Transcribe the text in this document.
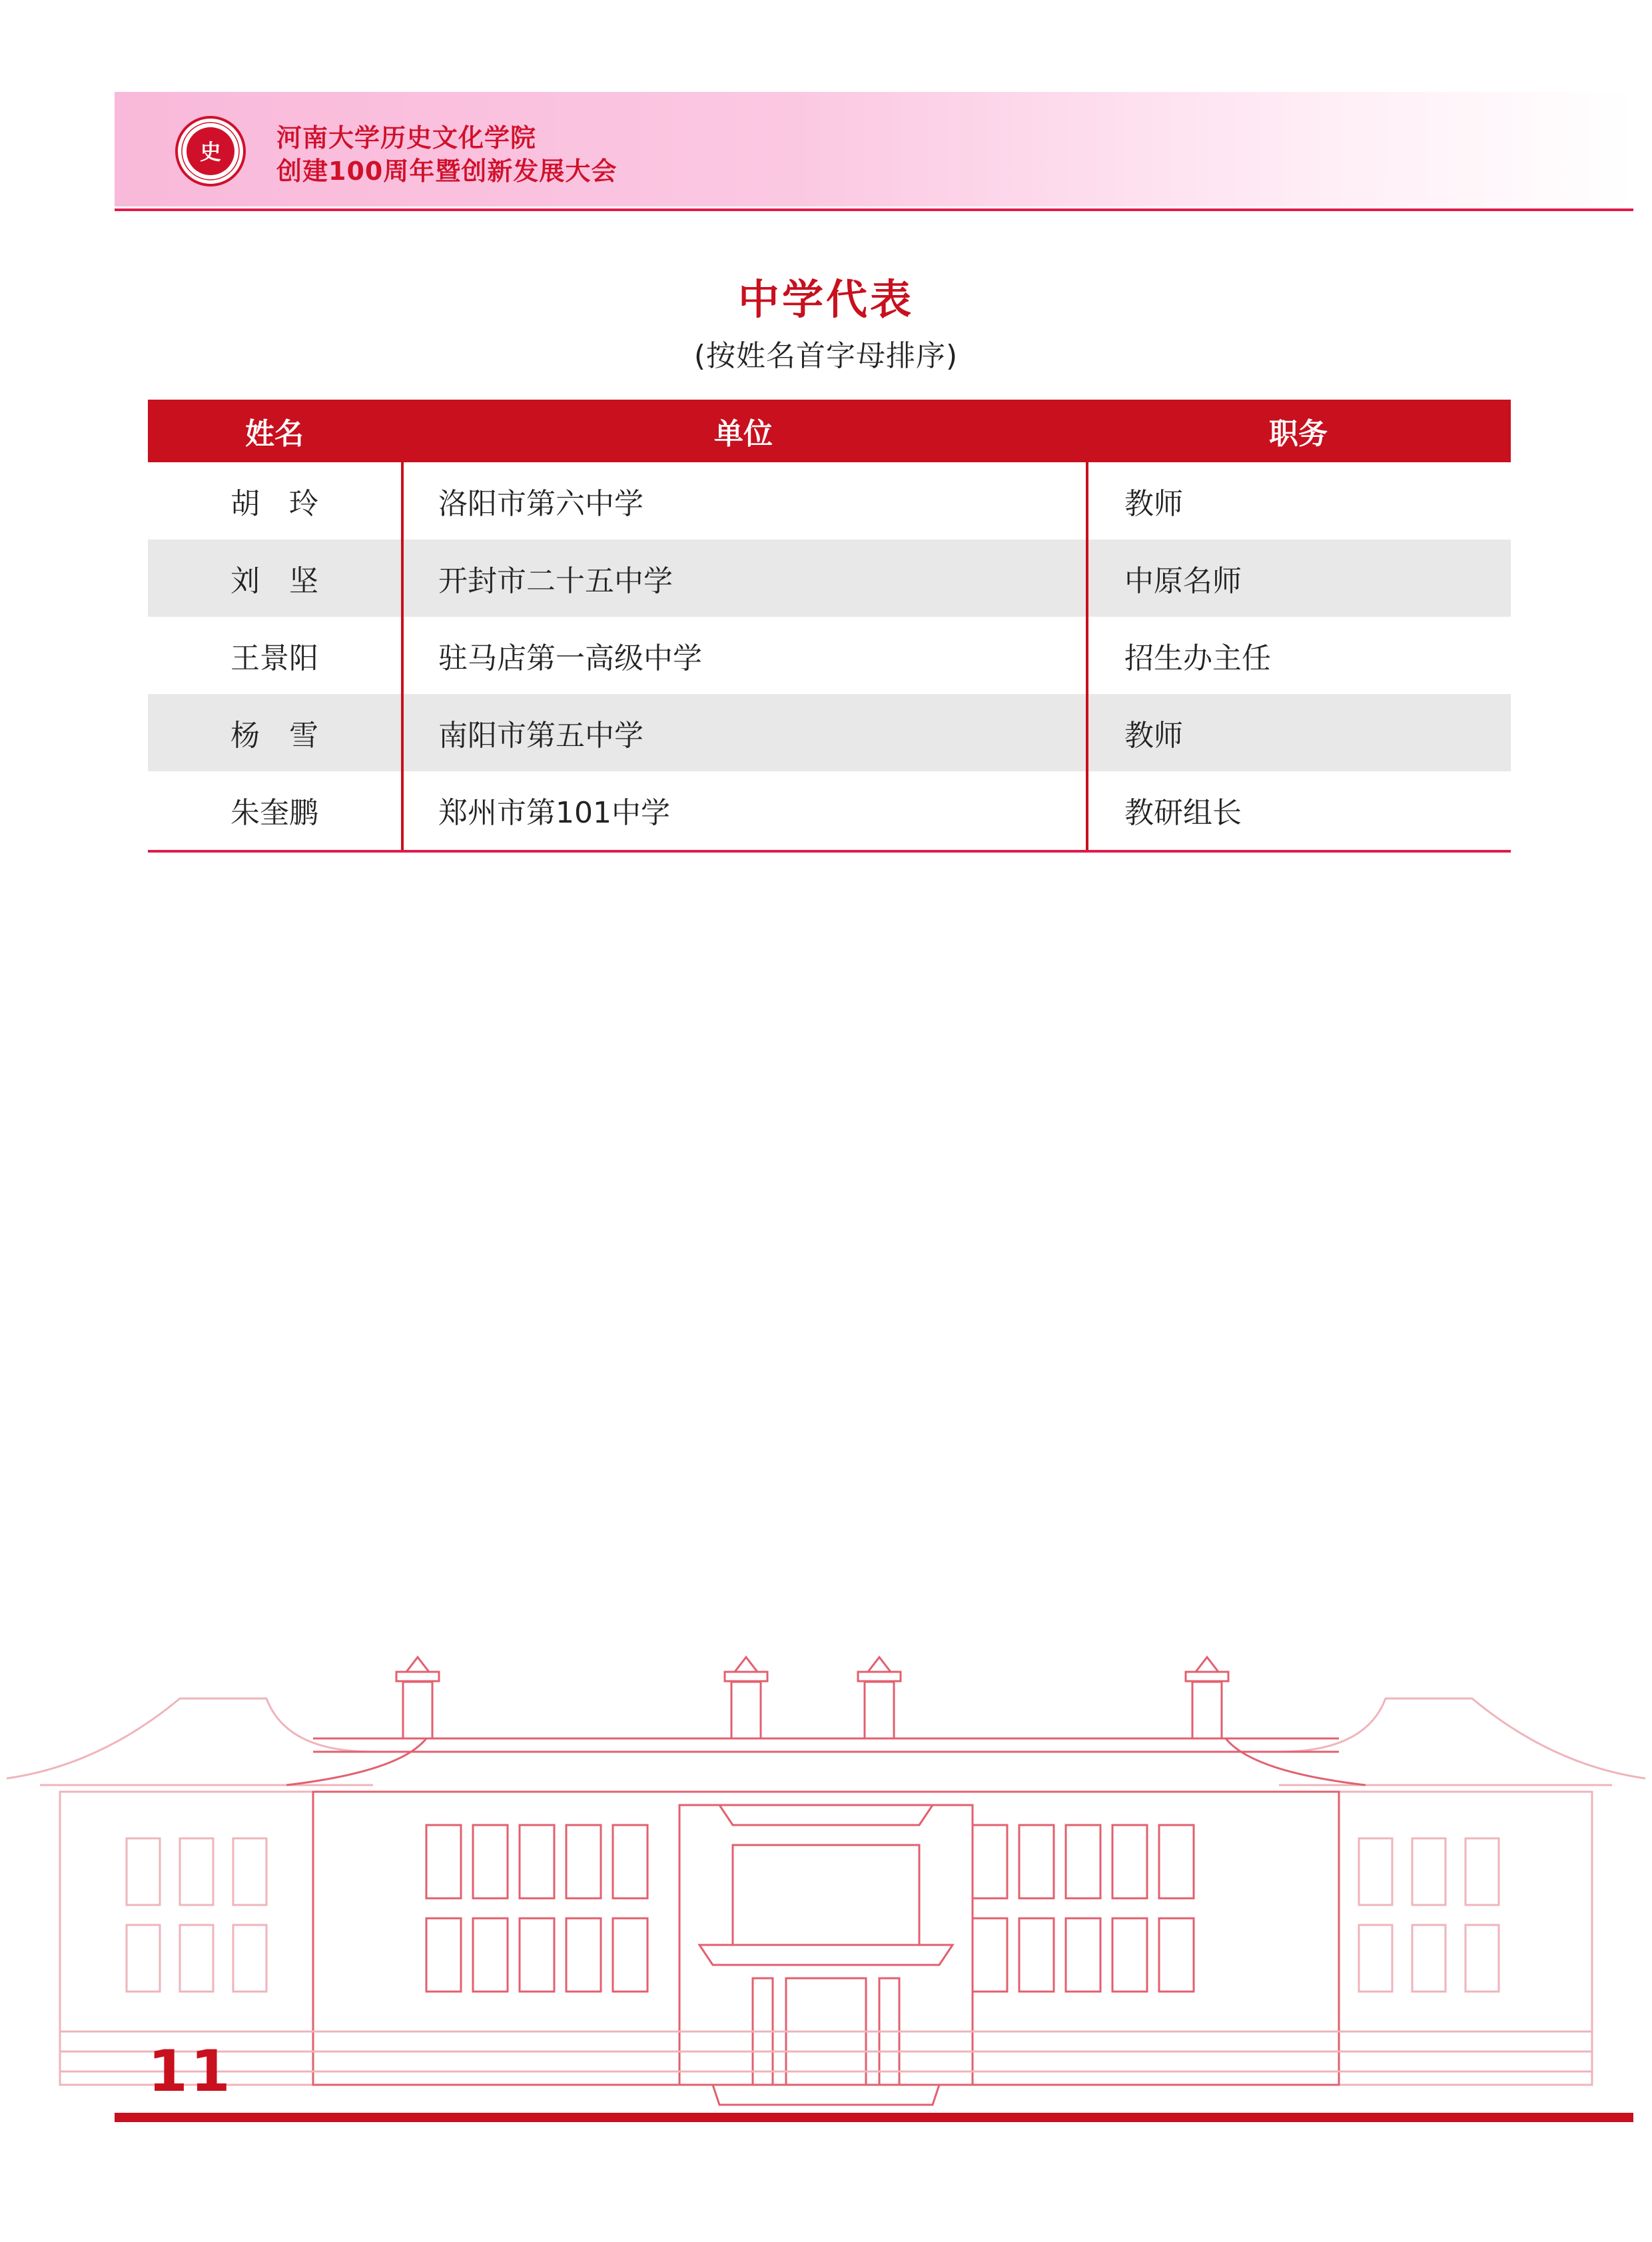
史 河南大学历史文化学院
创建100周年暨创新发展大会
中学代表
(按姓名首字母排序)
姓名	单位	职务
胡　玲	洛阳市第六中学	教师
刘　坚	开封市二十五中学	中原名师
王景阳	驻马店第一高级中学	招生办主任
杨　雪	南阳市第五中学	教师
朱奎鹏	郑州市第101中学	教研组长
11
